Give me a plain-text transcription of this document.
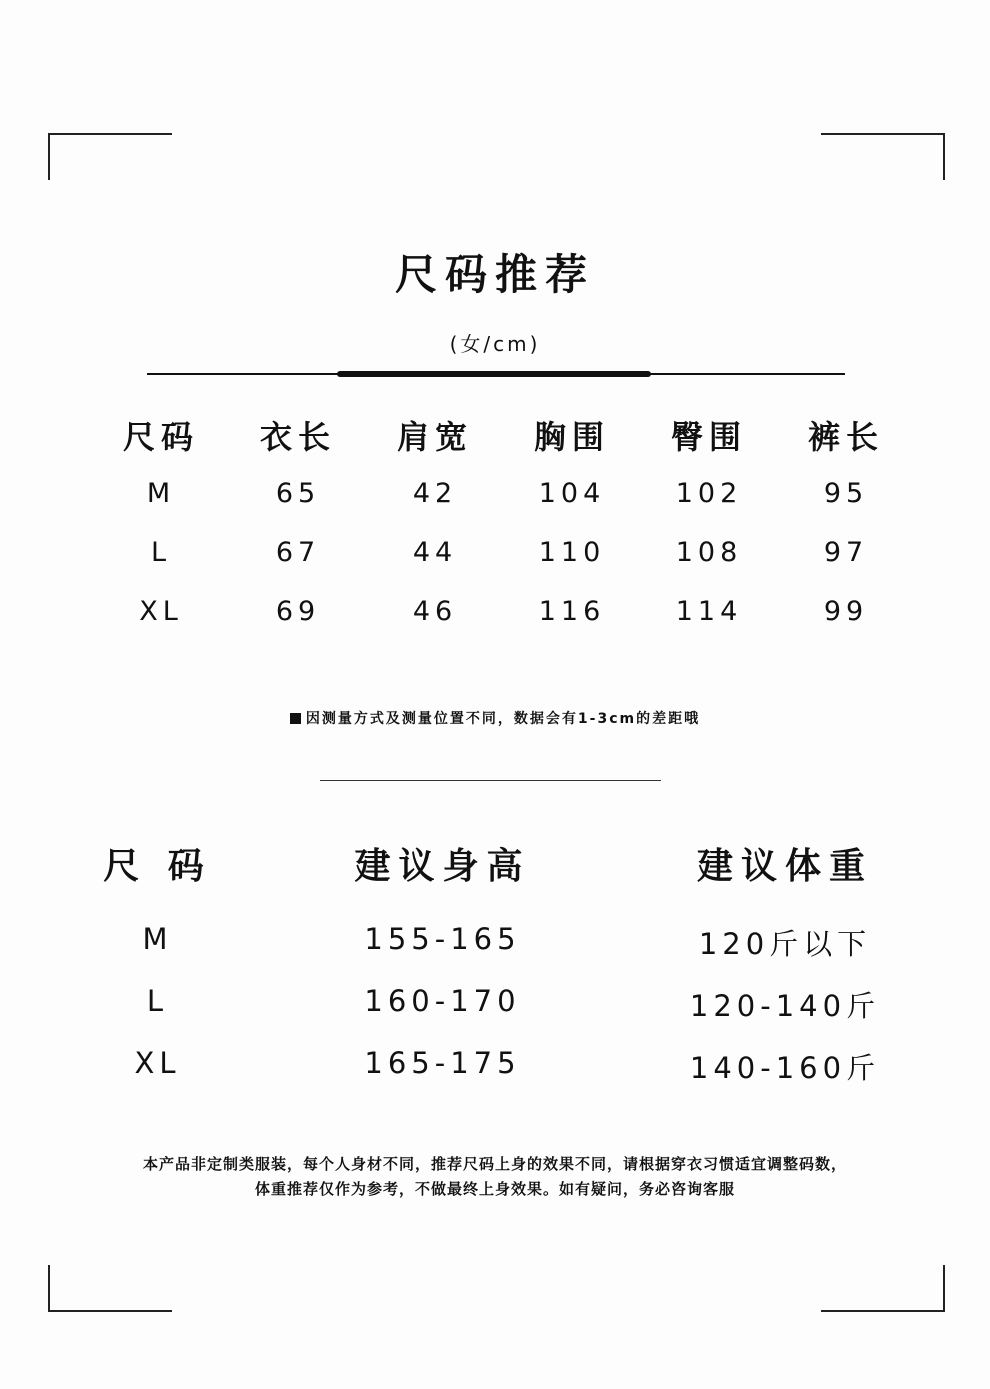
尺码推荐
(女/cm)
尺码	衣长	肩宽	胸围	臀围	裤长
M	65	42	104	102	95
L	67	44	110	108	97
XL	69	46	116	114	99
因测量方式及测量位置不同，数据会有1-3cm的差距哦
尺 码	建议身高	建议体重
M	155-165	120斤以下
L	160-170	120-140斤
XL	165-175	140-160斤
本产品非定制类服装，每个人身材不同，推荐尺码上身的效果不同，请根据穿衣习惯适宜调整码数，
体重推荐仅作为参考，不做最终上身效果。如有疑问，务必咨询客服
